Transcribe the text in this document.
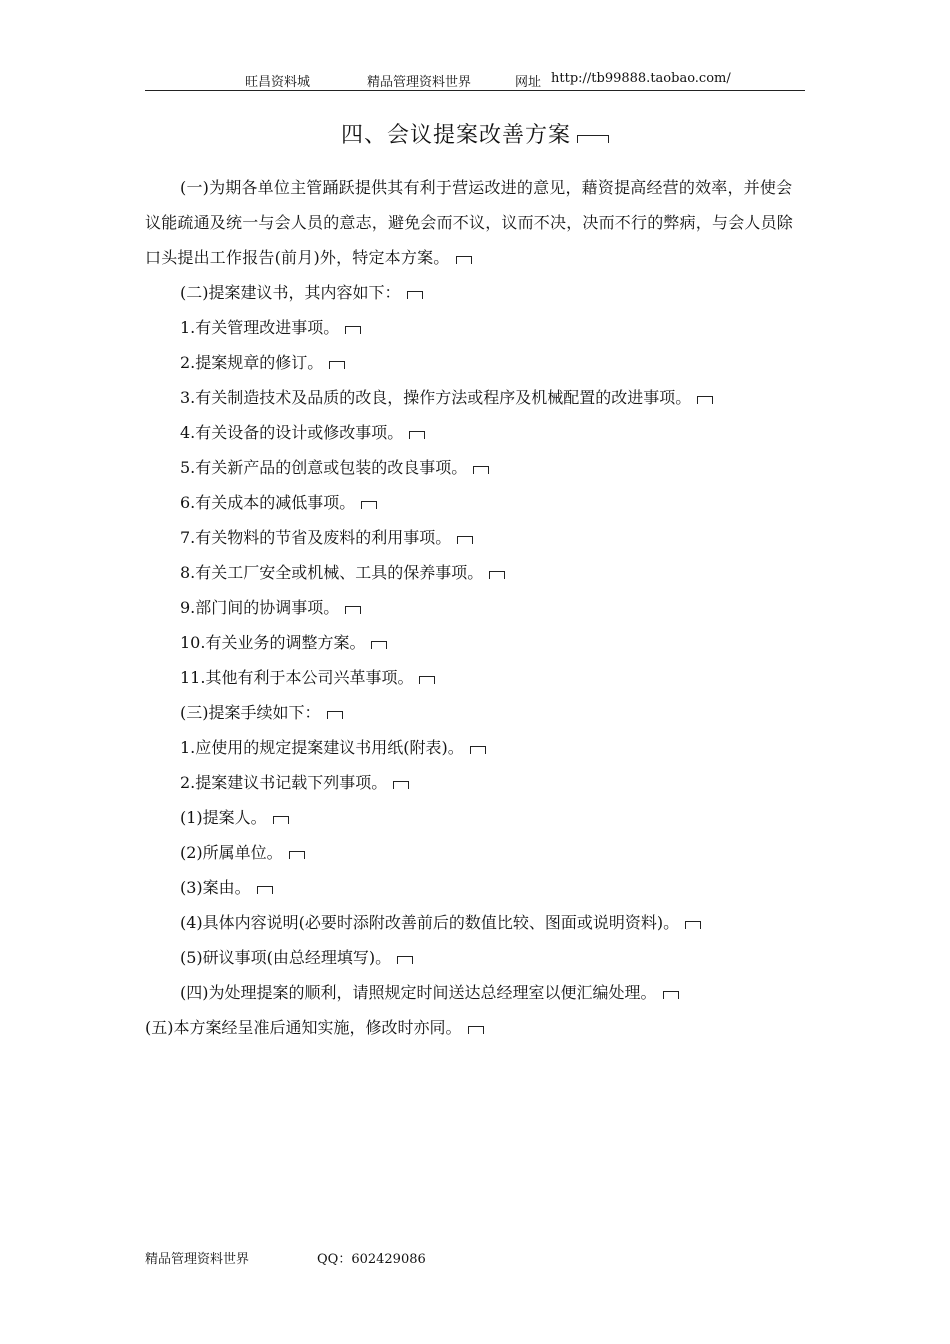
旺昌资料城	精品管理资料世界	网址 http://tb99888.taobao.com/
四、会议提案改善方案

(一)为期各单位主管踊跃提供其有利于营运改进的意见，藉资提高经营的效率，并使会议能疏通及统一与会人员的意志，避免会而不议，议而不决，决而不行的弊病，与会人员除口头提出工作报告(前月)外，特定本方案。

(二)提案建议书，其内容如下：
1.有关管理改进事项。
2.提案规章的修订。
3.有关制造技术及品质的改良，操作方法或程序及机械配置的改进事项。
4.有关设备的设计或修改事项。
5.有关新产品的创意或包装的改良事项。
6.有关成本的减低事项。
7.有关物料的节省及废料的利用事项。
8.有关工厂安全或机械、工具的保养事项。
9.部门间的协调事项。
10.有关业务的调整方案。
11.其他有利于本公司兴革事项。
(三)提案手续如下：
1.应使用的规定提案建议书用纸(附表)。
2.提案建议书记载下列事项。
(1)提案人。
(2)所属单位。
(3)案由。
(4)具体内容说明(必要时添附改善前后的数值比较、图面或说明资料)。
(5)研议事项(由总经理填写)。
(四)为处理提案的顺利，请照规定时间送达总经理室以便汇编处理。
(五)本方案经呈准后通知实施，修改时亦同。
精品管理资料世界	QQ：602429086
